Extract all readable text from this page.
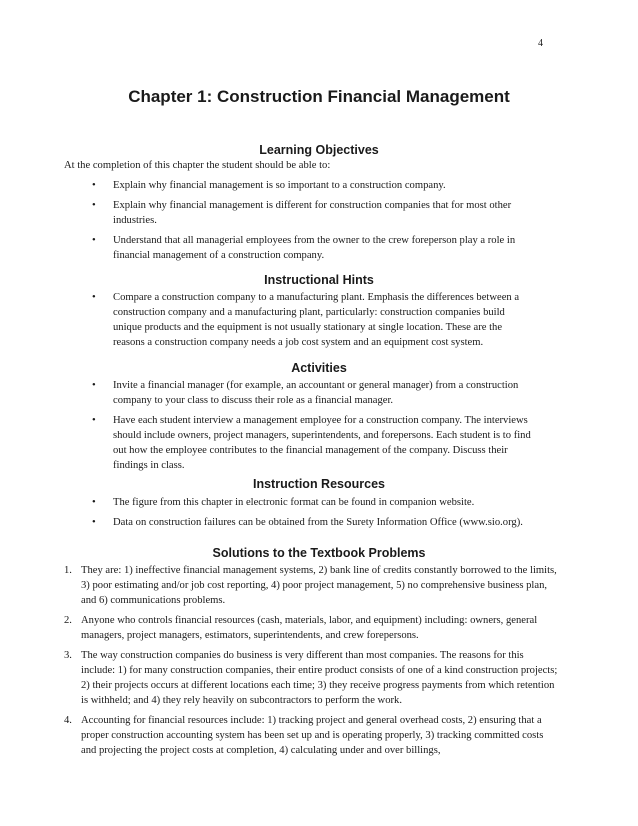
4
Chapter 1: Construction Financial Management
Learning Objectives
At the completion of this chapter the student should be able to:
• Explain why financial management is so important to a construction company.
• Explain why financial management is different for construction companies that for most other industries.
• Understand that all managerial employees from the owner to the crew foreperson play a role in financial management of a construction company.
Instructional Hints
• Compare a construction company to a manufacturing plant. Emphasis the differences between a construction company and a manufacturing plant, particularly: construction companies build unique products and the equipment is not usually stationary at single location. These are the reasons a construction company needs a job cost system and an equipment cost system.
Activities
• Invite a financial manager (for example, an accountant or general manager) from a construction company to your class to discuss their role as a financial manager.
• Have each student interview a management employee for a construction company. The interviews should include owners, project managers, superintendents, and forepersons. Each student is to find out how the employee contributes to the financial management of the company. Discuss their findings in class.
Instruction Resources
• The figure from this chapter in electronic format can be found in companion website.
• Data on construction failures can be obtained from the Surety Information Office (www.sio.org).
Solutions to the Textbook Problems
1. They are: 1) ineffective financial management systems, 2) bank line of credits constantly borrowed to the limits, 3) poor estimating and/or job cost reporting, 4) poor project management, 5) no comprehensive business plan, and 6) communications problems.
2. Anyone who controls financial resources (cash, materials, labor, and equipment) including: owners, general managers, project managers, estimators, superintendents, and crew forepersons.
3. The way construction companies do business is very different than most companies. The reasons for this include: 1) for many construction companies, their entire product consists of one of a kind construction projects; 2) their projects occurs at different locations each time; 3) they receive progress payments from which retention is withheld; and 4) they rely heavily on subcontractors to perform the work.
4. Accounting for financial resources include: 1) tracking project and general overhead costs, 2) ensuring that a proper construction accounting system has been set up and is operating properly, 3) tracking committed costs and projecting the project costs at completion, 4) calculating under and over billings,
